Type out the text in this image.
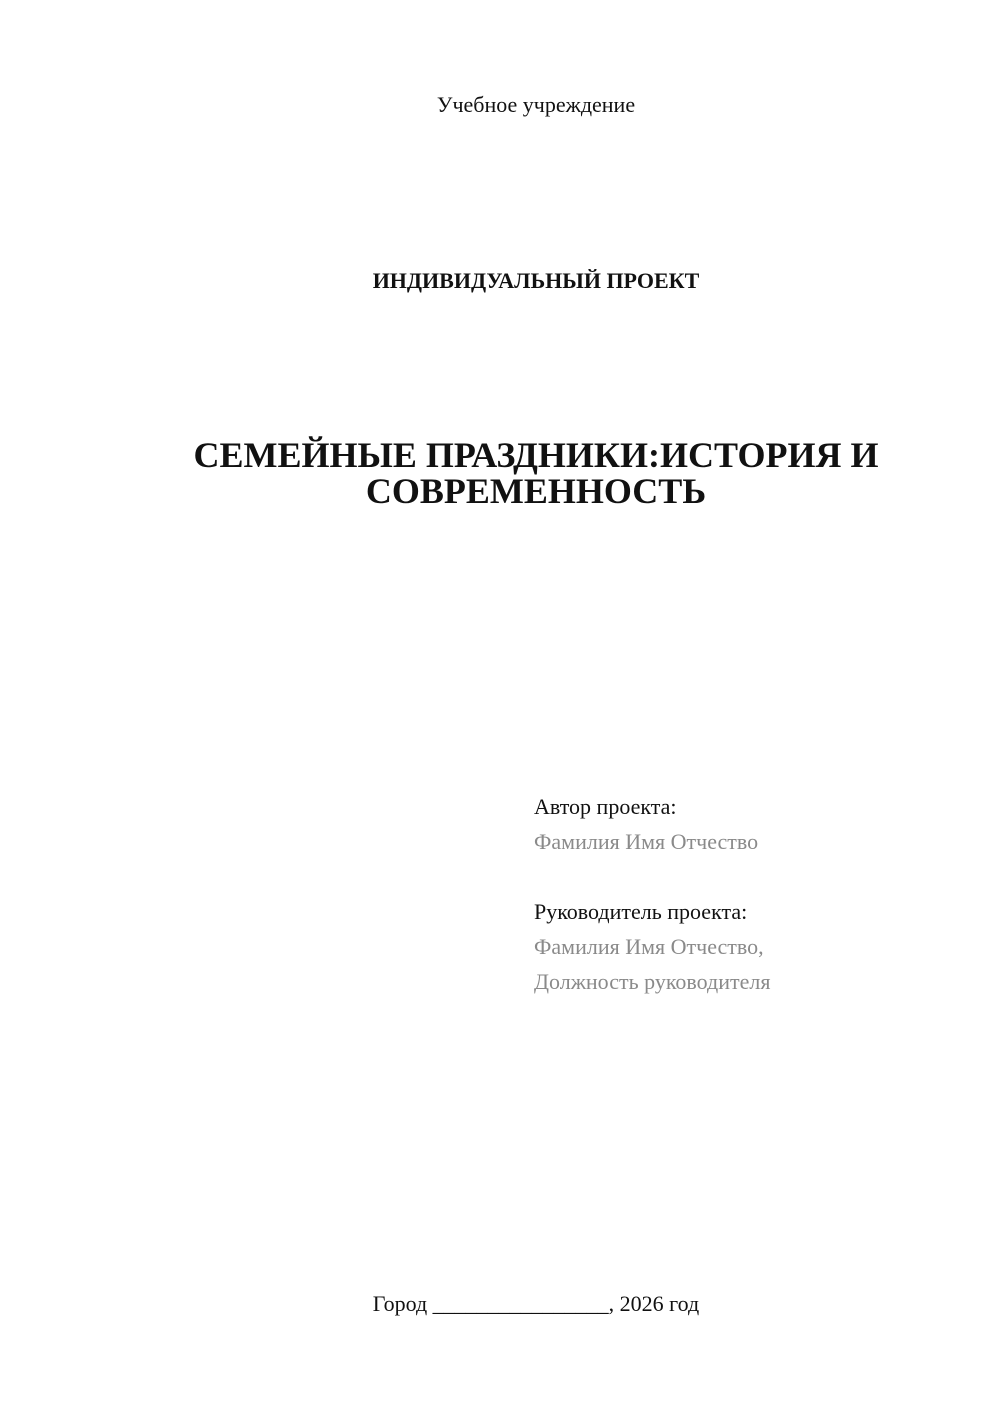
Учебное учреждение
ИНДИВИДУАЛЬНЫЙ ПРОЕКТ
СЕМЕЙНЫЕ ПРАЗДНИКИ:ИСТОРИЯ И
СОВРЕМЕННОСТЬ
Автор проекта:
Фамилия Имя Отчество
Руководитель проекта:
Фамилия Имя Отчество,
Должность руководителя
Город ________________, 2026 год
